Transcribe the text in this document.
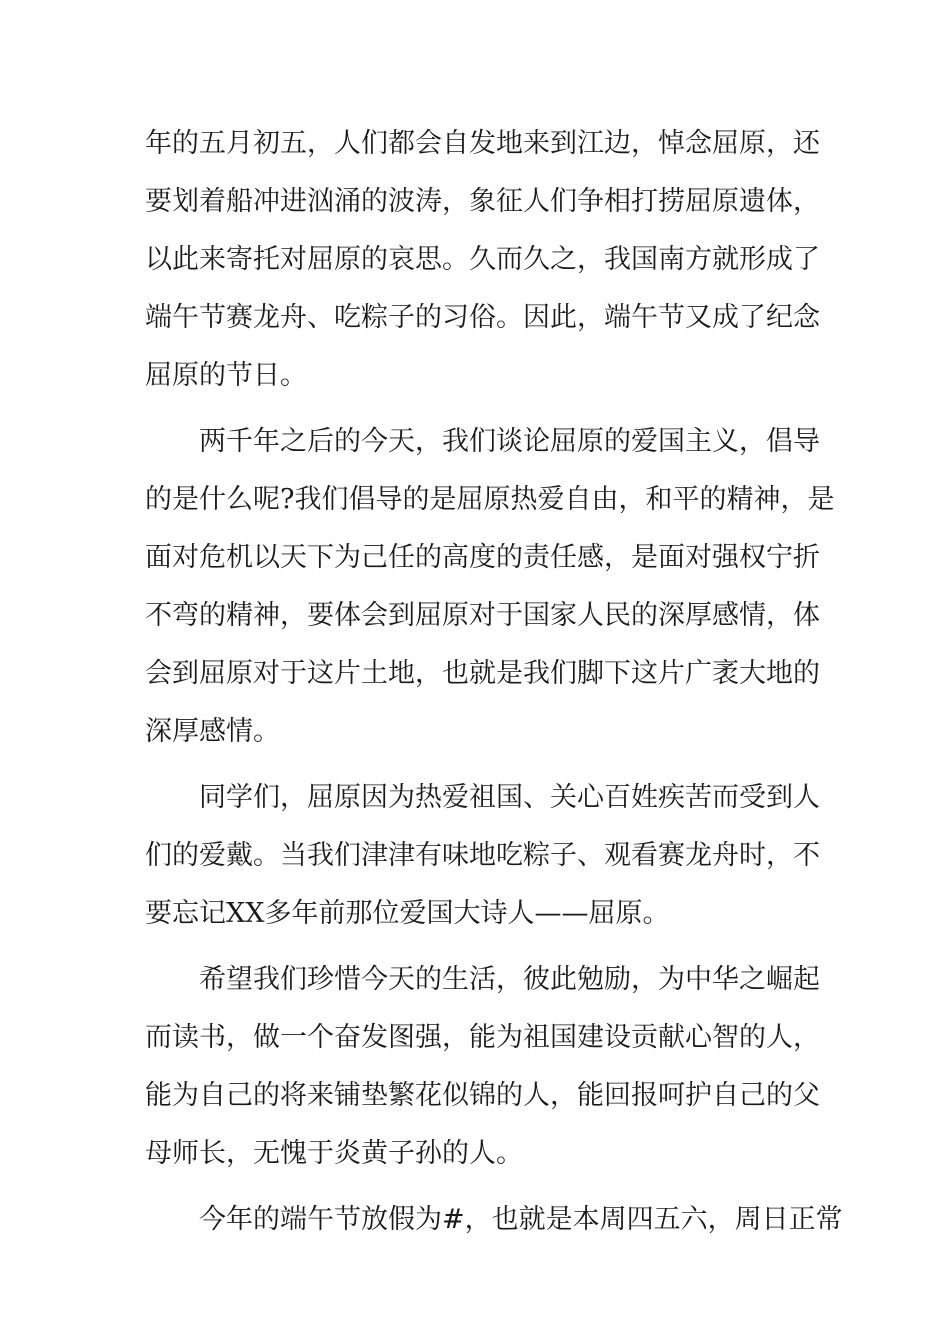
年的五月初五，人们都会自发地来到江边，悼念屈原，还
要划着船冲进汹涌的波涛，象征人们争相打捞屈原遗体，
以此来寄托对屈原的哀思。久而久之，我国南方就形成了
端午节赛龙舟、吃粽子的习俗。因此，端午节又成了纪念
屈原的节日。
两千年之后的今天，我们谈论屈原的爱国主义，倡导
的是什么呢?我们倡导的是屈原热爱自由，和平的精神，是
面对危机以天下为己任的高度的责任感，是面对强权宁折
不弯的精神，要体会到屈原对于国家人民的深厚感情，体
会到屈原对于这片土地，也就是我们脚下这片广袤大地的
深厚感情。
同学们，屈原因为热爱祖国、关心百姓疾苦而受到人
们的爱戴。当我们津津有味地吃粽子、观看赛龙舟时，不
要忘记XX多年前那位爱国大诗人——屈原。
希望我们珍惜今天的生活，彼此勉励，为中华之崛起
而读书，做一个奋发图强，能为祖国建设贡献心智的人，
能为自己的将来铺垫繁花似锦的人，能回报呵护自己的父
母师长，无愧于炎黄子孙的人。
今年的端午节放假为#，也就是本周四五六，周日正常
